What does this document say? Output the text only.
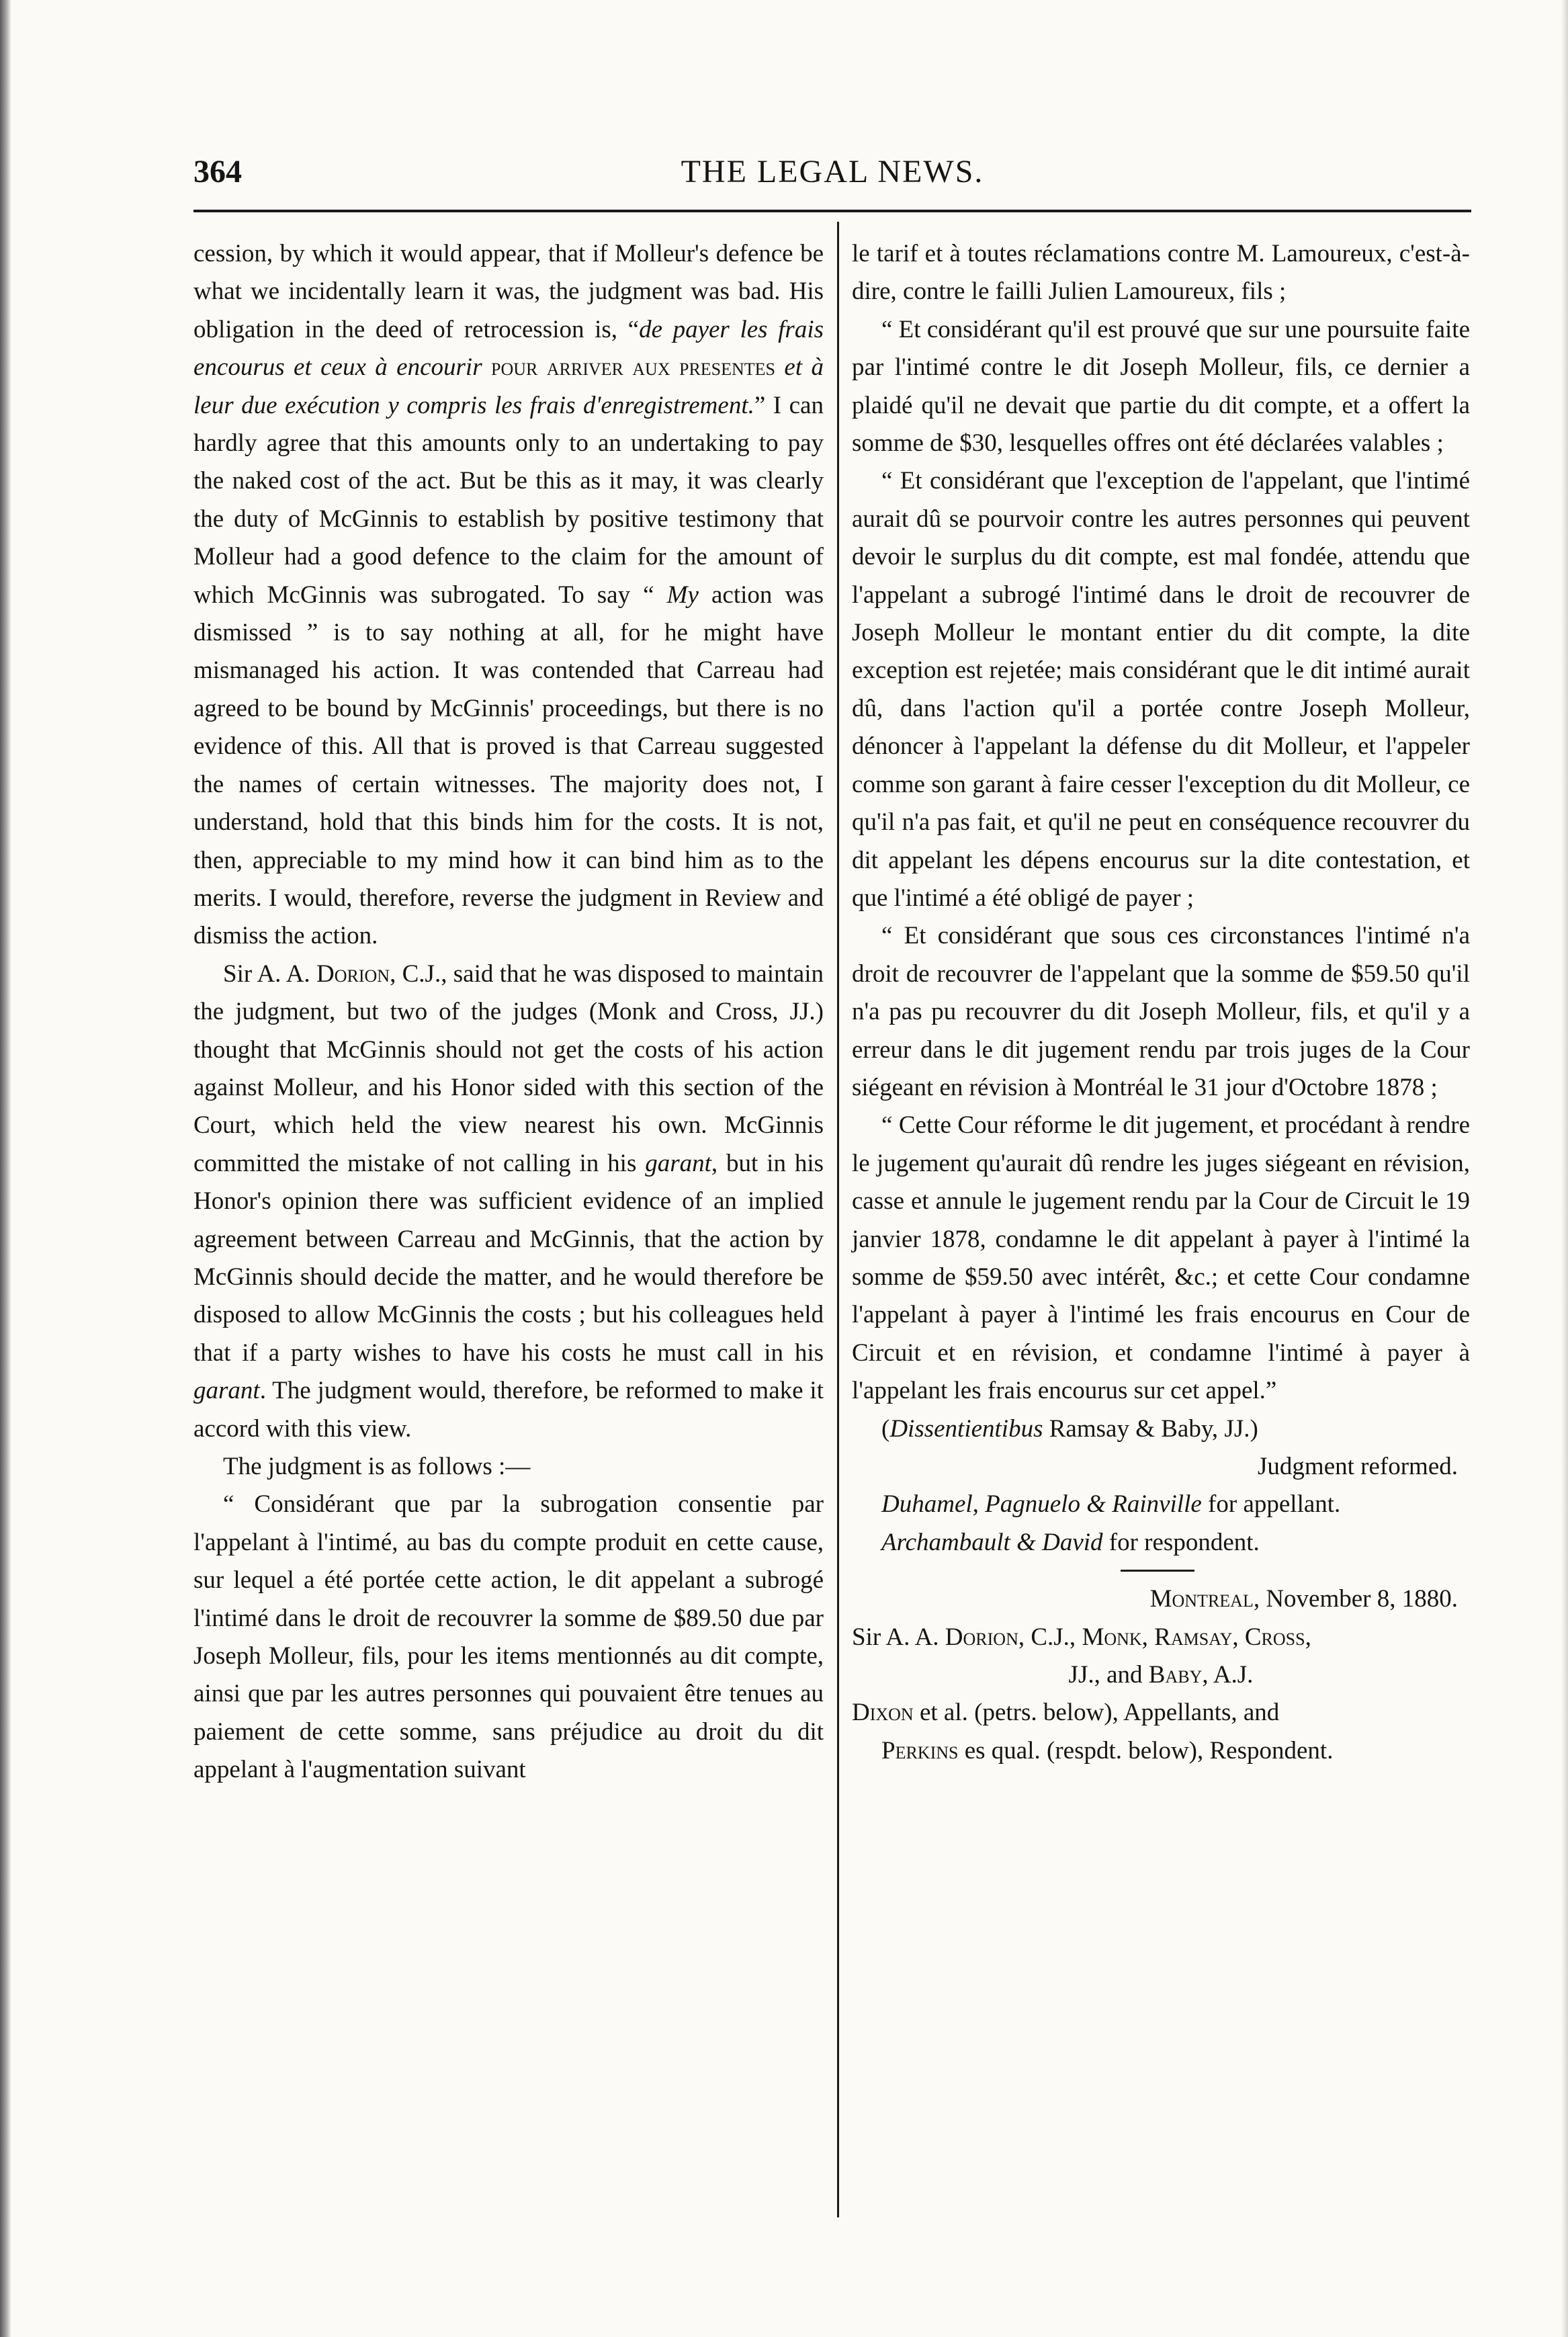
364	THE LEGAL NEWS.

cession, by which it would appear, that if Molleur's defence be what we incidentally learn it was, the judgment was bad. His obligation in the deed of retrocession is, “de payer les frais encourus et ceux à encourir pour arriver aux presentes et à leur due exécution y compris les frais d'enregistrement.” I can hardly agree that this amounts only to an undertaking to pay the naked cost of the act. But be this as it may, it was clearly the duty of McGinnis to establish by positive testimony that Molleur had a good defence to the claim for the amount of which McGinnis was subrogated. To say “ My action was dismissed ” is to say nothing at all, for he might have mismanaged his action. It was contended that Carreau had agreed to be bound by McGinnis' proceedings, but there is no evidence of this. All that is proved is that Carreau suggested the names of certain witnesses. The majority does not, I understand, hold that this binds him for the costs. It is not, then, appreciable to my mind how it can bind him as to the merits. I would, therefore, reverse the judgment in Review and dismiss the action.

Sir A. A. Dorion, C.J., said that he was disposed to maintain the judgment, but two of the judges (Monk and Cross, JJ.) thought that McGinnis should not get the costs of his action against Molleur, and his Honor sided with this section of the Court, which held the view nearest his own. McGinnis committed the mistake of not calling in his garant, but in his Honor's opinion there was sufficient evidence of an implied agreement between Carreau and McGinnis, that the action by McGinnis should decide the matter, and he would therefore be disposed to allow McGinnis the costs ; but his colleagues held that if a party wishes to have his costs he must call in his garant. The judgment would, therefore, be reformed to make it accord with this view.

The judgment is as follows :—

“ Considérant que par la subrogation consentie par l'appelant à l'intimé, au bas du compte produit en cette cause, sur lequel a été portée cette action, le dit appelant a subrogé l'intimé dans le droit de recouvrer la somme de $89.50 due par Joseph Molleur, fils, pour les items mentionnés au dit compte, ainsi que par les autres personnes qui pouvaient être tenues au paiement de cette somme, sans préjudice au droit du dit appelant à l'augmentation suivant

le tarif et à toutes réclamations contre M. Lamoureux, c'est-à-dire, contre le failli Julien Lamoureux, fils ;

“ Et considérant qu'il est prouvé que sur une poursuite faite par l'intimé contre le dit Joseph Molleur, fils, ce dernier a plaidé qu'il ne devait que partie du dit compte, et a offert la somme de $30, lesquelles offres ont été déclarées valables ;

“ Et considérant que l'exception de l'appelant, que l'intimé aurait dû se pourvoir contre les autres personnes qui peuvent devoir le surplus du dit compte, est mal fondée, attendu que l'appelant a subrogé l'intimé dans le droit de recouvrer de Joseph Molleur le montant entier du dit compte, la dite exception est rejetée; mais considérant que le dit intimé aurait dû, dans l'action qu'il a portée contre Joseph Molleur, dénoncer à l'appelant la défense du dit Molleur, et l'appeler comme son garant à faire cesser l'exception du dit Molleur, ce qu'il n'a pas fait, et qu'il ne peut en conséquence recouvrer du dit appelant les dépens encourus sur la dite contestation, et que l'intimé a été obligé de payer ;

“ Et considérant que sous ces circonstances l'intimé n'a droit de recouvrer de l'appelant que la somme de $59.50 qu'il n'a pas pu recouvrer du dit Joseph Molleur, fils, et qu'il y a erreur dans le dit jugement rendu par trois juges de la Cour siégeant en révision à Montréal le 31 jour d'Octobre 1878 ;

“ Cette Cour réforme le dit jugement, et procédant à rendre le jugement qu'aurait dû rendre les juges siégeant en révision, casse et annule le jugement rendu par la Cour de Circuit le 19 janvier 1878, condamne le dit appelant à payer à l'intimé la somme de $59.50 avec intérêt, &c.; et cette Cour condamne l'appelant à payer à l'intimé les frais encourus en Cour de Circuit et en révision, et condamne l'intimé à payer à l'appelant les frais encourus sur cet appel.”

(Dissentientibus Ramsay & Baby, JJ.)

Judgment reformed.

Duhamel, Pagnuelo & Rainville for appellant.

Archambault & David for respondent.

Montreal, November 8, 1880.

Sir A. A. Dorion, C.J., Monk, Ramsay, Cross,

JJ., and Baby, A.J.

Dixon et al. (petrs. below), Appellants, and

Perkins es qual. (respdt. below), Respondent.
